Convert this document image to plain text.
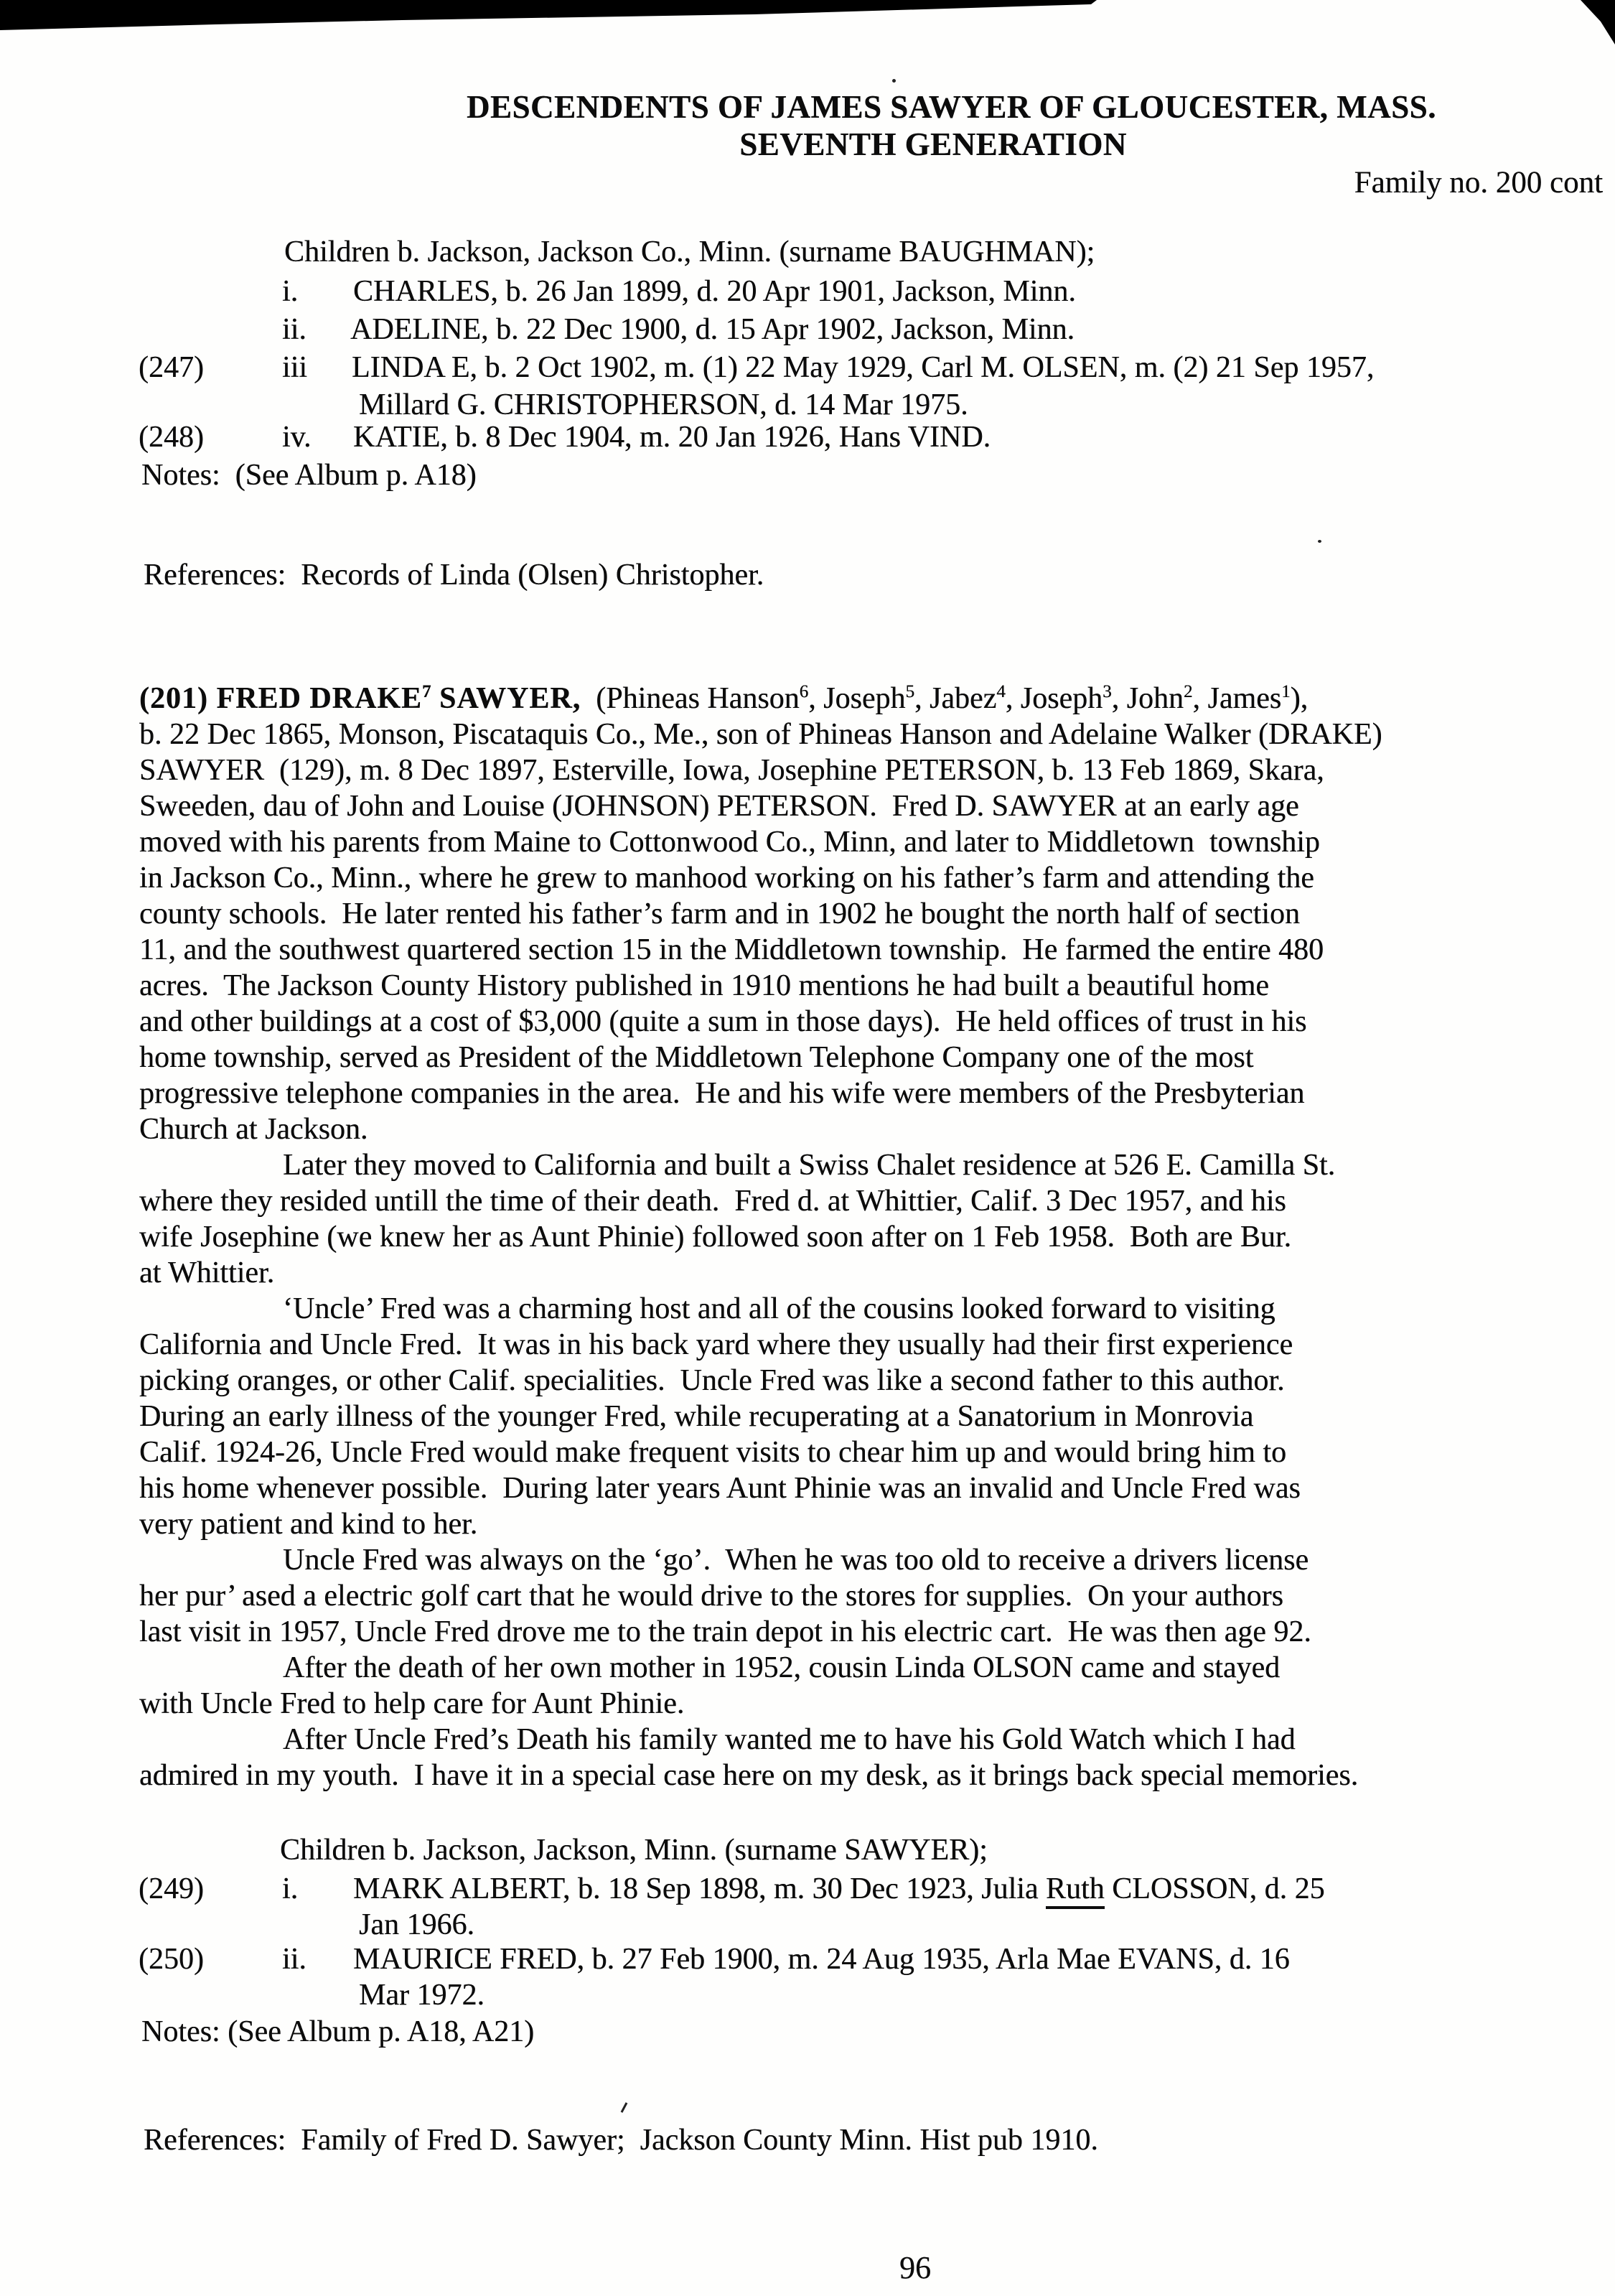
DESCENDENTS OF JAMES SAWYER OF GLOUCESTER, MASS.
SEVENTH GENERATION
Family no. 200 cont
Children b. Jackson, Jackson Co., Minn. (surname BAUGHMAN);
i. CHARLES, b. 26 Jan 1899, d. 20 Apr 1901, Jackson, Minn.
ii. ADELINE, b. 22 Dec 1900, d. 15 Apr 1902, Jackson, Minn.
(247)	iii LINDA E, b. 2 Oct 1902, m. (1) 22 May 1929, Carl M. OLSEN, m. (2) 21 Sep 1957,
Millard G. CHRISTOPHERSON, d. 14 Mar 1975.
(248)	iv. KATIE, b. 8 Dec 1904, m. 20 Jan 1926, Hans VIND.
Notes:  (See Album p. A18)
References:  Records of Linda (Olsen) Christopher.
(201) FRED DRAKE$^7$ SAWYER,  (Phineas Hanson$^6$, Joseph$^5$, Jabez$^4$, Joseph$^3$, John$^2$, James$^1$),
b. 22 Dec 1865, Monson, Piscataquis Co., Me., son of Phineas Hanson and Adelaine Walker (DRAKE)
SAWYER  (129), m. 8 Dec 1897, Esterville, Iowa, Josephine PETERSON, b. 13 Feb 1869, Skara,
Sweeden, dau of John and Louise (JOHNSON) PETERSON.  Fred D. SAWYER at an early age
moved with his parents from Maine to Cottonwood Co., Minn, and later to Middletown  township
in Jackson Co., Minn., where he grew to manhood working on his father’s farm and attending the
county schools.  He later rented his father’s farm and in 1902 he bought the north half of section
11, and the southwest quartered section 15 in the Middletown township.  He farmed the entire 480
acres.  The Jackson County History published in 1910 mentions he had built a beautiful home
and other buildings at a cost of $3,000 (quite a sum in those days).  He held offices of trust in his
home township, served as President of the Middletown Telephone Company one of the most
progressive telephone companies in the area.  He and his wife were members of the Presbyterian
Church at Jackson.
Later they moved to California and built a Swiss Chalet residence at 526 E. Camilla St.
where they resided untill the time of their death.  Fred d. at Whittier, Calif. 3 Dec 1957, and his
wife Josephine (we knew her as Aunt Phinie) followed soon after on 1 Feb 1958.  Both are Bur.
at Whittier.
‘Uncle’ Fred was a charming host and all of the cousins looked forward to visiting
California and Uncle Fred.  It was in his back yard where they usually had their first experience
picking oranges, or other Calif. specialities.  Uncle Fred was like a second father to this author.
During an early illness of the younger Fred, while recuperating at a Sanatorium in Monrovia
Calif. 1924-26, Uncle Fred would make frequent visits to chear him up and would bring him to
his home whenever possible.  During later years Aunt Phinie was an invalid and Uncle Fred was
very patient and kind to her.
Uncle Fred was always on the ‘go’.  When he was too old to receive a drivers license
her pur’ ased a electric golf cart that he would drive to the stores for supplies.  On your authors
last visit in 1957, Uncle Fred drove me to the train depot in his electric cart.  He was then age 92.
After the death of her own mother in 1952, cousin Linda OLSON came and stayed
with Uncle Fred to help care for Aunt Phinie.
After Uncle Fred’s Death his family wanted me to have his Gold Watch which I had
admired in my youth.  I have it in a special case here on my desk, as it brings back special memories.
Children b. Jackson, Jackson, Minn. (surname SAWYER);
(249)	i. MARK ALBERT, b. 18 Sep 1898, m. 30 Dec 1923, Julia Ruth CLOSSON, d. 25
Jan 1966.
(250)	ii. MAURICE FRED, b. 27 Feb 1900, m. 24 Aug 1935, Arla Mae EVANS, d. 16
Mar 1972.
Notes: (See Album p. A18, A21)
References:  Family of Fred D. Sawyer;  Jackson County Minn. Hist pub 1910.
96
